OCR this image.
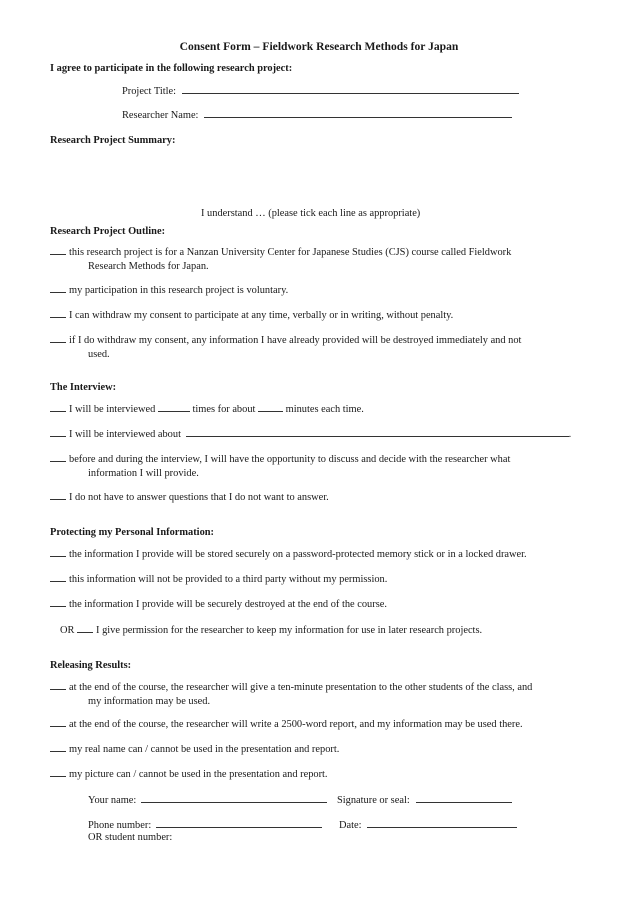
Consent Form – Fieldwork Research Methods for Japan
I agree to participate in the following research project:
Project Title:
Researcher Name:
Research Project Summary:
I understand … (please tick each line as appropriate)
Research Project Outline:
this research project is for a Nanzan University Center for Japanese Studies (CJS) course called Fieldwork
Research Methods for Japan.
my participation in this research project is voluntary.
I can withdraw my consent to participate at any time, verbally or in writing, without penalty.
if I do withdraw my consent, any information I have already provided will be destroyed immediately and not
used.
The Interview:
I will be interviewed	times for about	minutes each time.
I will be interviewed about	.
before and during the interview, I will have the opportunity to discuss and decide with the researcher what
information I will provide.
I do not have to answer questions that I do not want to answer.
Protecting my Personal Information:
the information I provide will be stored securely on a password-protected memory stick or in a locked drawer.
this information will not be provided to a third party without my permission.
the information I provide will be securely destroyed at the end of the course.
OR I give permission for the researcher to keep my information for use in later research projects.
Releasing Results:
at the end of the course, the researcher will give a ten-minute presentation to the other students of the class, and
my information may be used.
at the end of the course, the researcher will write a 2500-word report, and my information may be used there.
my real name can / cannot be used in the presentation and report.
my picture can / cannot be used in the presentation and report.
Your name:	Signature or seal:
Phone number:	Date:
OR student number:
